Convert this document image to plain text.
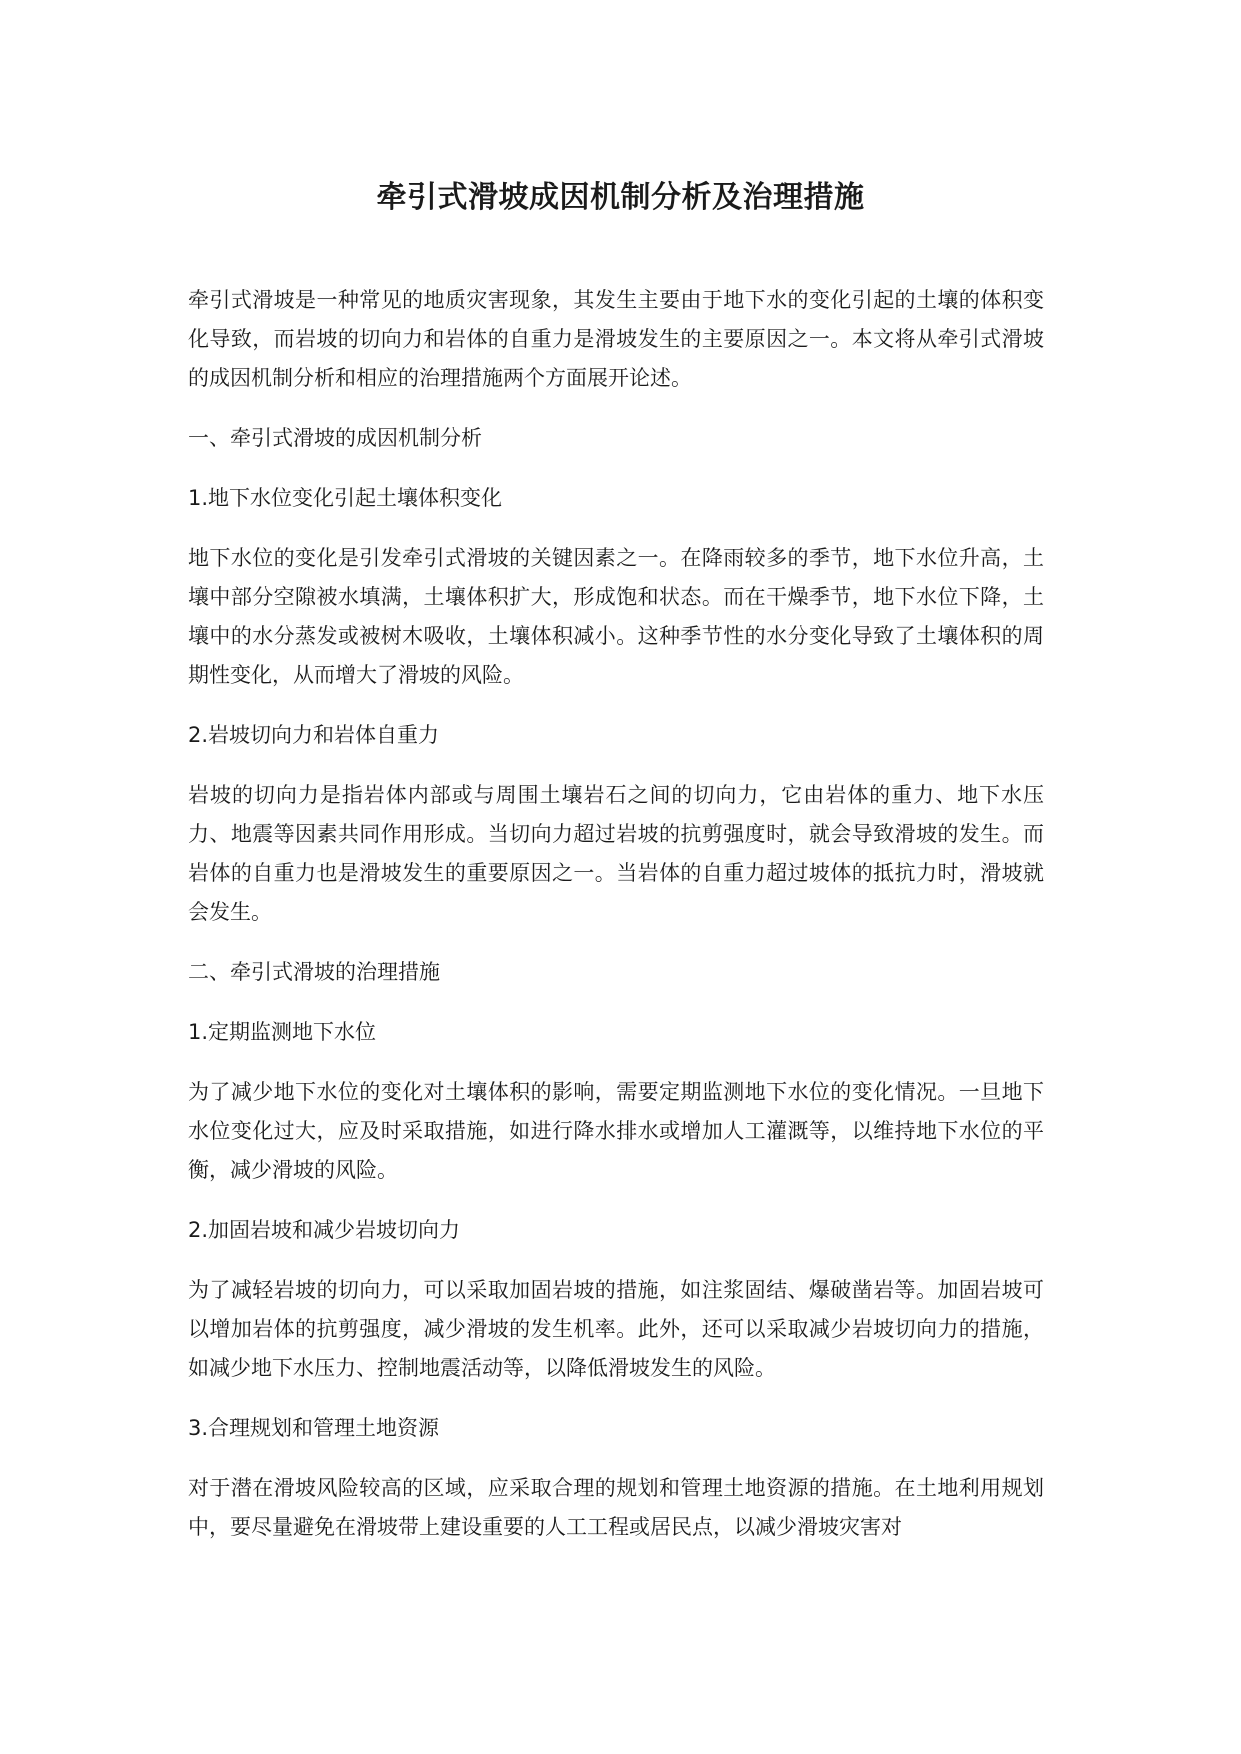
牵引式滑坡成因机制分析及治理措施

牵引式滑坡是一种常见的地质灾害现象，其发生主要由于地下水的变化引起的土壤的体积变化导致，而岩坡的切向力和岩体的自重力是滑坡发生的主要原因之一。本文将从牵引式滑坡的成因机制分析和相应的治理措施两个方面展开论述。

一、牵引式滑坡的成因机制分析

1.地下水位变化引起土壤体积变化

地下水位的变化是引发牵引式滑坡的关键因素之一。在降雨较多的季节，地下水位升高，土壤中部分空隙被水填满，土壤体积扩大，形成饱和状态。而在干燥季节，地下水位下降，土壤中的水分蒸发或被树木吸收，土壤体积减小。这种季节性的水分变化导致了土壤体积的周期性变化，从而增大了滑坡的风险。

2.岩坡切向力和岩体自重力

岩坡的切向力是指岩体内部或与周围土壤岩石之间的切向力，它由岩体的重力、地下水压力、地震等因素共同作用形成。当切向力超过岩坡的抗剪强度时，就会导致滑坡的发生。而岩体的自重力也是滑坡发生的重要原因之一。当岩体的自重力超过坡体的抵抗力时，滑坡就会发生。

二、牵引式滑坡的治理措施

1.定期监测地下水位

为了减少地下水位的变化对土壤体积的影响，需要定期监测地下水位的变化情况。一旦地下水位变化过大，应及时采取措施，如进行降水排水或增加人工灌溉等，以维持地下水位的平衡，减少滑坡的风险。

2.加固岩坡和减少岩坡切向力

为了减轻岩坡的切向力，可以采取加固岩坡的措施，如注浆固结、爆破凿岩等。加固岩坡可以增加岩体的抗剪强度，减少滑坡的发生机率。此外，还可以采取减少岩坡切向力的措施，如减少地下水压力、控制地震活动等，以降低滑坡发生的风险。

3.合理规划和管理土地资源

对于潜在滑坡风险较高的区域，应采取合理的规划和管理土地资源的措施。在土地利用规划中，要尽量避免在滑坡带上建设重要的人工工程或居民点，以减少滑坡灾害对
